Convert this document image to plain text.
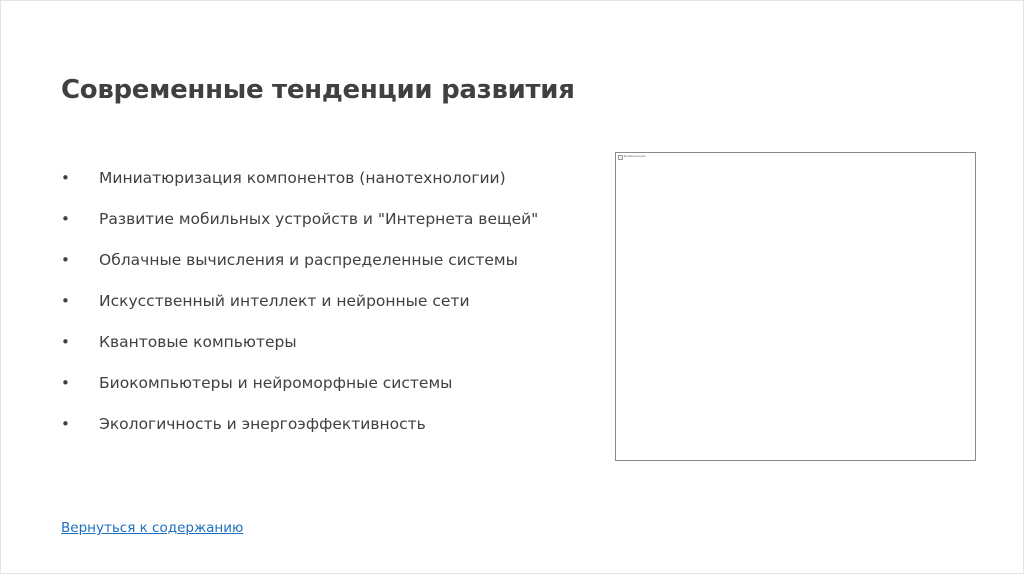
Современные тенденции развития
•	Миниатюризация компонентов (нанотехнологии)
•	Развитие мобильных устройств и "Интернета вещей"
•	Облачные вычисления и распределенные системы
•	Искусственный интеллект и нейронные сети
•	Квантовые компьютеры
•	Биокомпьютеры и нейроморфные системы
•	Экологичность и энергоэффективность
Изображение
Вернуться к содержанию
